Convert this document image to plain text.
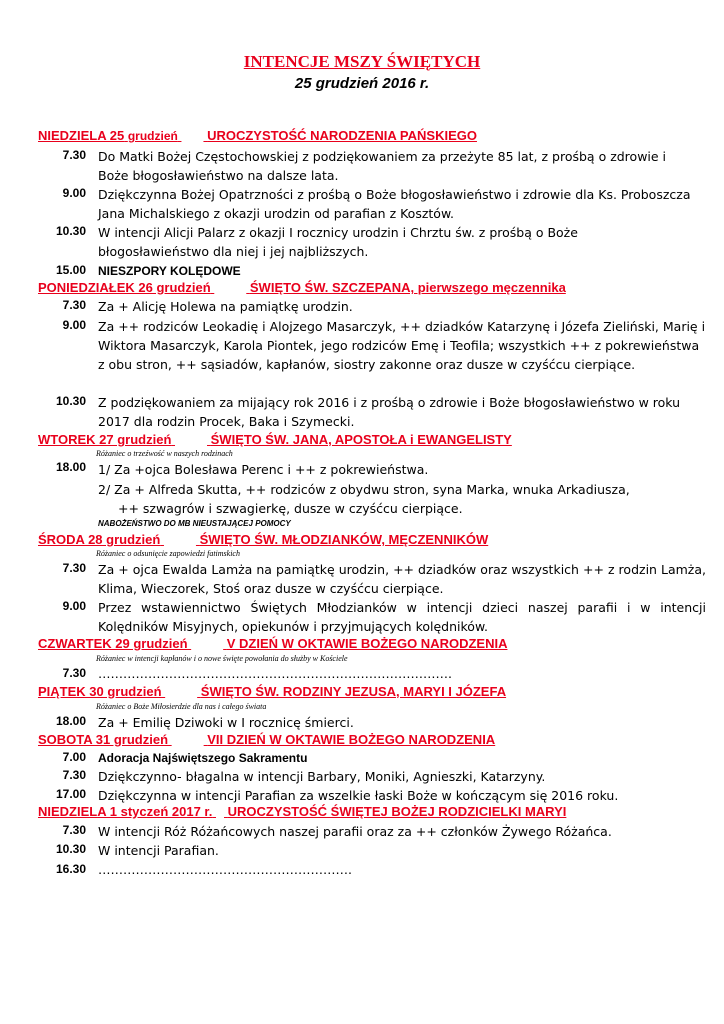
INTENCJE MSZY ŚWIĘTYCH
25 grudzień 2016 r.
NIEDZIELA 25 grudzień UROCZYSTOŚĆ NARODZENIA PAŃSKIEGO
7.30 Do Matki Bożej Częstochowskiej z podziękowaniem za przeżyte 85 lat, z prośbą o zdrowie i Boże błogosławieństwo na dalsze lata.
9.00 Dziękczynna Bożej Opatrzności z prośbą o Boże błogosławieństwo i zdrowie dla Ks. Proboszcza Jana Michalskiego z okazji urodzin od parafian z Kosztów.
10.30 W intencji Alicji Palarz z okazji I rocznicy urodzin i Chrztu św. z prośbą o Boże błogosławieństwo dla niej i jej najbliższych.
15.00 NIESZPORY KOLĘDOWE
PONIEDZIAŁEK 26 grudzień	ŚWIĘTO ŚW. SZCZEPANA, pierwszego męczennika
7.30 Za + Alicję Holewa na pamiątkę urodzin.
9.00 Za ++ rodziców Leokadię i Alojzego Masarczyk, ++ dziadków Katarzynę i Józefa Zieliński, Marię i Wiktora Masarczyk, Karola Piontek, jego rodziców Emę i Teofila; wszystkich ++ z pokrewieństwa z obu stron, ++ sąsiadów, kapłanów, siostry zakonne oraz dusze w czyśćcu cierpiące.
10.30 Z podziękowaniem za mijający rok 2016 i z prośbą o zdrowie i Boże błogosławieństwo w roku 2017 dla rodzin Procek, Baka i Szymecki.
WTOREK 27 grudzień	ŚWIĘTO ŚW. JANA, APOSTOŁA i EWANGELISTY
Różaniec o trzeźwość w naszych rodzinach
18.00 1/ Za +ojca Bolesława Perenc i ++ z pokrewieństwa.
2/ Za + Alfreda Skutta, ++ rodziców z obydwu stron, syna Marka, wnuka Arkadiusza,
++ szwagrów i szwagierkę, dusze w czyśćcu cierpiące.
NABOŻEŃSTWO DO MB NIEUSTAJĄCEJ POMOCY
ŚRODA 28 grudzień	ŚWIĘTO ŚW. MŁODZIANKÓW, MĘCZENNIKÓW
Różaniec o odsunięcie zapowiedzi fatimskich
7.30 Za + ojca Ewalda Lamża na pamiątkę urodzin, ++ dziadków oraz wszystkich ++ z rodzin Lamża, Klima, Wieczorek, Stoś oraz dusze w czyśćcu cierpiące.
9.00 Przez wstawiennictwo Świętych Młodzianków w intencji dzieci naszej parafii i w intencji Kolędników Misyjnych, opiekunów i przyjmujących kolędników.
CZWARTEK 29 grudzień	V DZIEŃ W OKTAWIE BOŻEGO NARODZENIA
Różaniec w intencji kapłanów i o nowe święte powołania do służby w Kościele
7.30 ………………………………………………………………………….
PIĄTEK 30 grudzień	ŚWIĘTO ŚW. RODZINY JEZUSA, MARYI I JÓZEFA
Różaniec o Boże Miłosierdzie dla nas i całego świata
18.00 Za + Emilię Dziwoki w I rocznicę śmierci.
SOBOTA 31 grudzień	VII DZIEŃ W OKTAWIE BOŻEGO NARODZENIA
7.00 Adoracja Najświętszego Sakramentu
7.30 Dziękczynno- błagalna w intencji Barbary, Moniki, Agnieszki, Katarzyny.
17.00 Dziękczynna w intencji Parafian za wszelkie łaski Boże w kończącym się 2016 roku.
NIEDZIELA 1 styczeń 2017 r. UROCZYSTOŚĆ ŚWIĘTEJ BOŻEJ RODZICIELKI MARYI
7.30 W intencji Róż Różańcowych naszej parafii oraz za ++ członków Żywego Różańca.
10.30 W intencji Parafian.
16.30 …………………………………………………….
